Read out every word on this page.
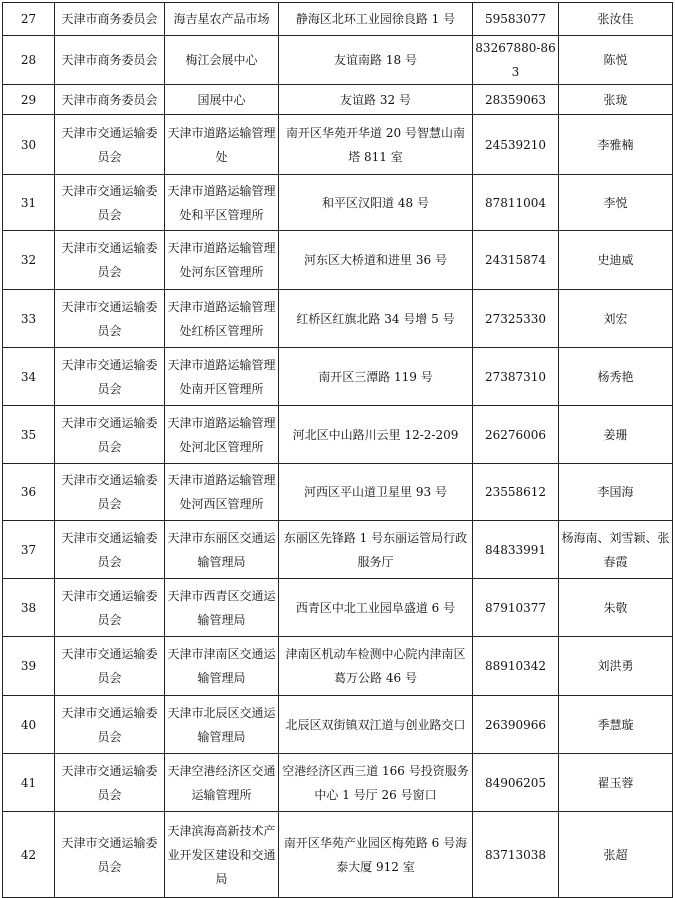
27	天津市商务委员会	海吉星农产品市场	静海区北环工业园徐良路 1 号	59583077	张汝佳
28	天津市商务委员会	梅江会展中心	友谊南路 18 号	83267880-863	陈悦
29	天津市商务委员会	国展中心	友谊路 32 号	28359063	张珑
30	天津市交通运输委员会	天津市道路运输管理处	南开区华苑开华道 20 号智慧山南塔 811 室	24539210	李雅楠
31	天津市交通运输委员会	天津市道路运输管理处和平区管理所	和平区汉阳道 48 号	87811004	李悦
32	天津市交通运输委员会	天津市道路运输管理处河东区管理所	河东区大桥道和进里 36 号	24315874	史迪威
33	天津市交通运输委员会	天津市道路运输管理处红桥区管理所	红桥区红旗北路 34 号增 5 号	27325330	刘宏
34	天津市交通运输委员会	天津市道路运输管理处南开区管理所	南开区三潭路 119 号	27387310	杨秀艳
35	天津市交通运输委员会	天津市道路运输管理处河北区管理所	河北区中山路川云里 12-2-209	26276006	姜珊
36	天津市交通运输委员会	天津市道路运输管理处河西区管理所	河西区平山道卫星里 93 号	23558612	李国海
37	天津市交通运输委员会	天津市东丽区交通运输管理局	东丽区先锋路 1 号东丽运管局行政服务厅	84833991	杨海南、刘雪颖、张春霞
38	天津市交通运输委员会	天津市西青区交通运输管理局	西青区中北工业园阜盛道 6 号	87910377	朱敬
39	天津市交通运输委员会	天津市津南区交通运输管理局	津南区机动车检测中心院内津南区葛万公路 46 号	88910342	刘洪勇
40	天津市交通运输委员会	天津市北辰区交通运输管理局	北辰区双街镇双江道与创业路交口	26390966	季慧璇
41	天津市交通运输委员会	天津空港经济区交通运输管理所	空港经济区西三道 166 号投资服务中心 1 号厅 26 号窗口	84906205	翟玉蓉
42	天津市交通运输委员会	天津滨海高新技术产业开发区建设和交通局	南开区华苑产业园区梅苑路 6 号海泰大厦 912 室	83713038	张超
